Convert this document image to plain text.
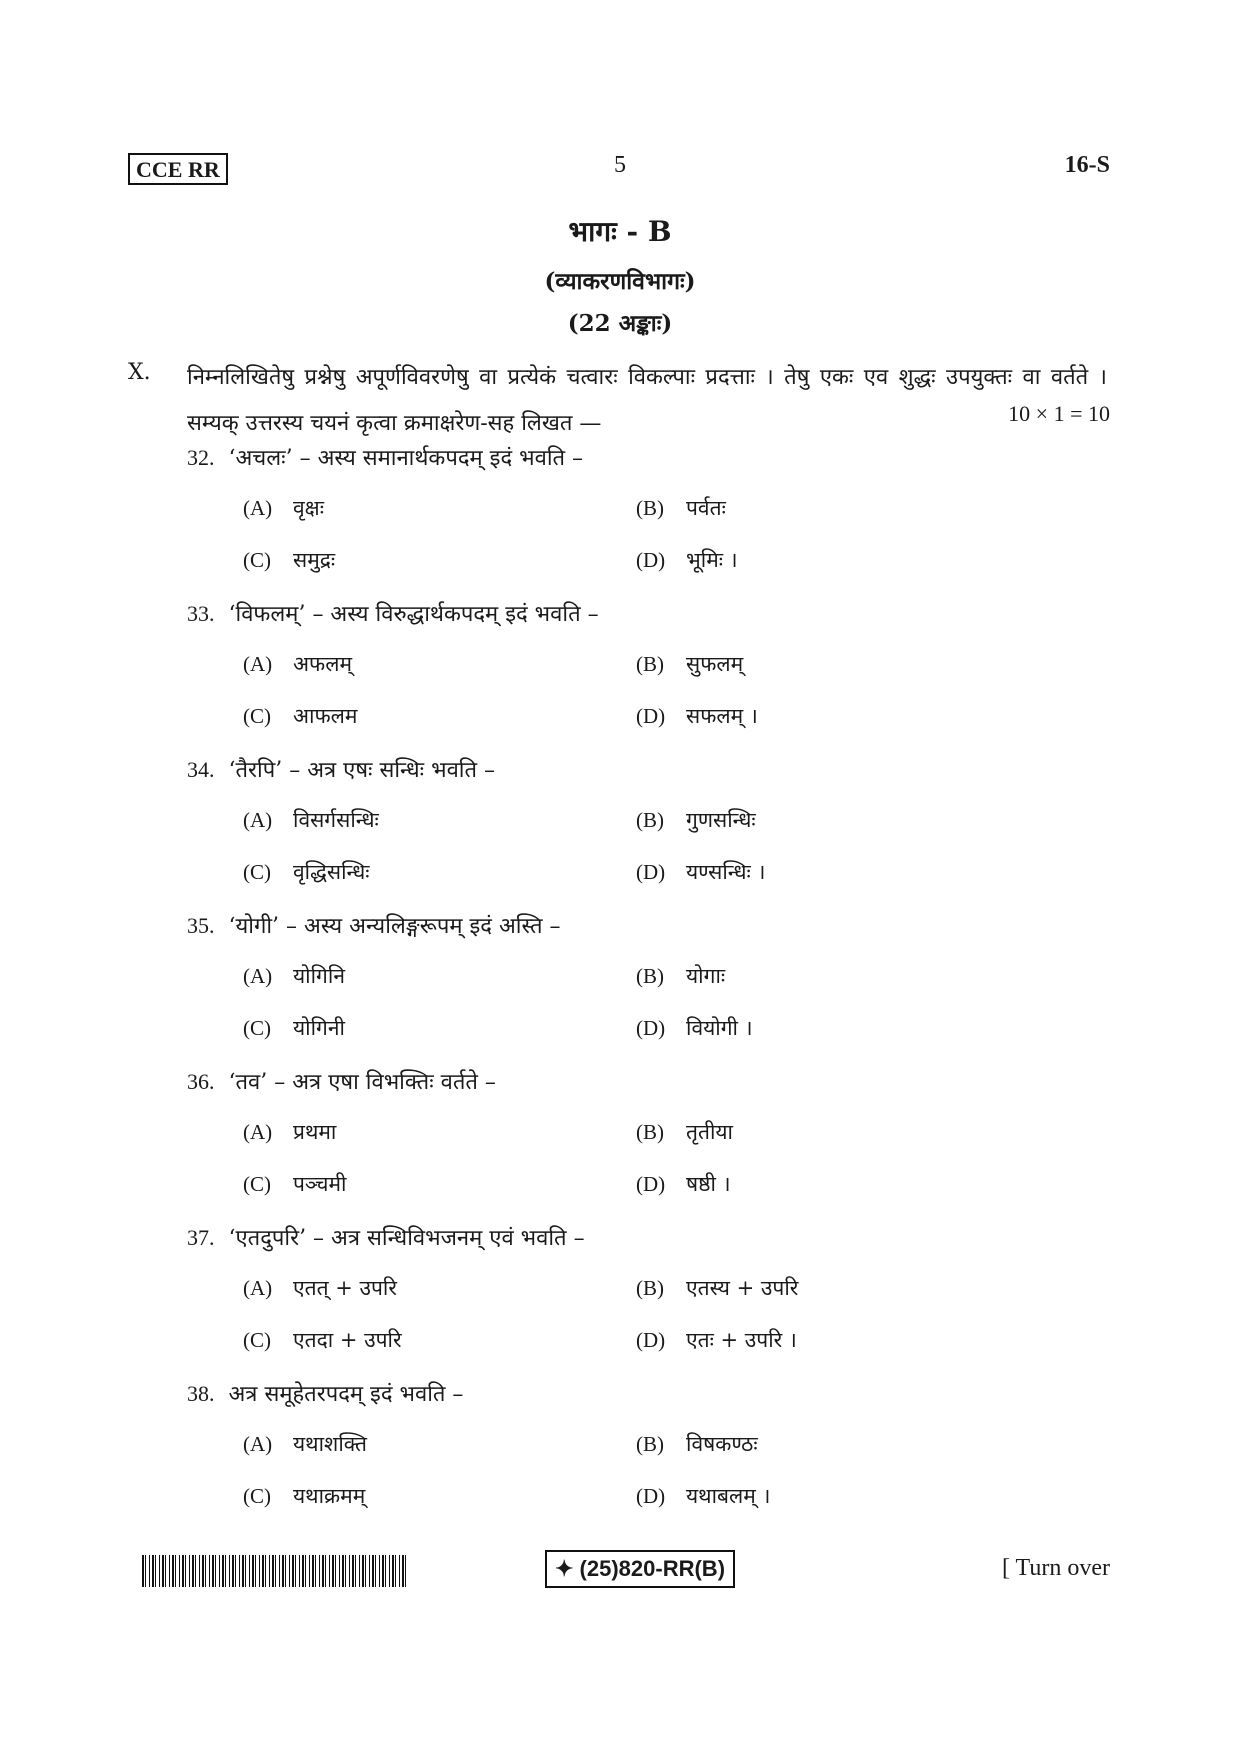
CCE RR	5	16-S
भागः - B
(व्याकरणविभागः)
(22 अङ्काः)
X. निम्नलिखितेषु प्रश्नेषु अपूर्णविवरणेषु वा प्रत्येकं चत्वारः विकल्पाः प्रदत्ताः । तेषु एकः एव शुद्धः उपयुक्तः वा वर्तते । सम्यक् उत्तरस्य चयनं कृत्वा क्रमाक्षरेण-सह लिखत —	10 × 1 = 10
32. ‘अचलः’ – अस्य समानार्थकपदम् इदं भवति –
(A) वृक्षः	(B) पर्वतः
(C) समुद्रः	(D) भूमिः ।
33. ‘विफलम्’ – अस्य विरुद्धार्थकपदम् इदं भवति –
(A) अफलम्	(B) सुफलम्
(C) आफलम	(D) सफलम् ।
34. ‘तैरपि’ – अत्र एषः सन्धिः भवति –
(A) विसर्गसन्धिः	(B) गुणसन्धिः
(C) वृद्धिसन्धिः	(D) यण्सन्धिः ।
35. ‘योगी’ – अस्य अन्यलिङ्गरूपम् इदं अस्ति –
(A) योगिनि	(B) योगाः
(C) योगिनी	(D) वियोगी ।
36. ‘तव’ – अत्र एषा विभक्तिः वर्तते –
(A) प्रथमा	(B) तृतीया
(C) पञ्चमी	(D) षष्ठी ।
37. ‘एतदुपरि’ – अत्र सन्धिविभजनम् एवं भवति –
(A) एतत् + उपरि	(B) एतस्य + उपरि
(C) एतदा + उपरि	(D) एतः + उपरि ।
38. अत्र समूहेतरपदम् इदं भवति –
(A) यथाशक्ति	(B) विषकण्ठः
(C) यथाक्रमम्	(D) यथाबलम् ।
✦ (25)820-RR(B)	[ Turn over
